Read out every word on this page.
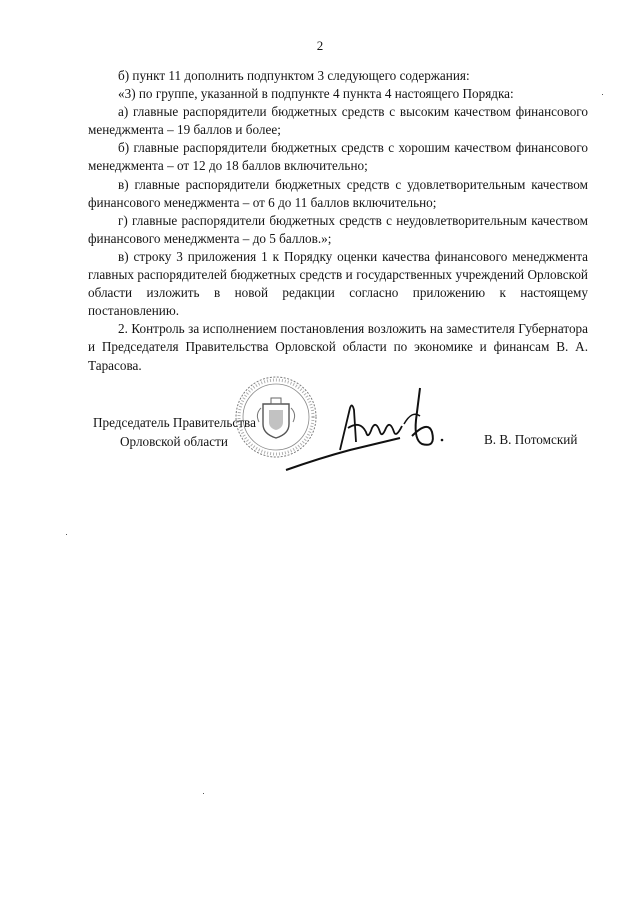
2

б) пункт 11 дополнить подпунктом 3 следующего содержания:

«3) по группе, указанной в подпункте 4 пункта 4 настоящего Порядка:

а) главные распорядители бюджетных средств с высоким качеством финансового менеджмента – 19 баллов и более;

б) главные распорядители бюджетных средств с хорошим качеством финансового менеджмента – от 12 до 18 баллов включительно;

в) главные распорядители бюджетных средств с удовлетворительным качеством финансового менеджмента – от 6 до 11 баллов включительно;

г) главные распорядители бюджетных средств с неудовлетворительным качеством финансового менеджмента – до 5 баллов.»;

в) строку 3 приложения 1 к Порядку оценки качества финансового менеджмента главных распорядителей бюджетных средств и государственных учреждений Орловской области изложить в новой редакции согласно приложению к настоящему постановлению.

2. Контроль за исполнением постановления возложить на заместителя Губернатора и Председателя Правительства Орловской области по экономике и финансам В. А. Тарасова.

Председатель Правительства
Орловской области	В. В. Потомский
